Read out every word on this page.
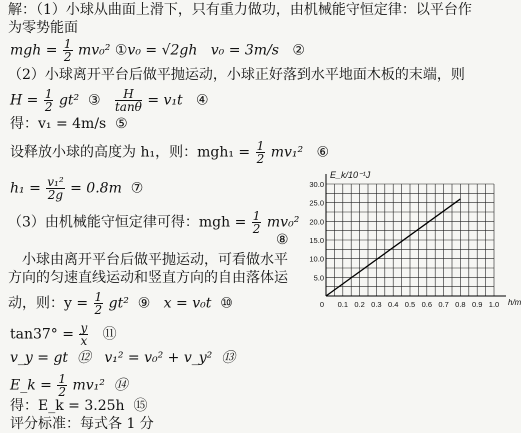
解：（1）小球从曲面上滑下，只有重力做功，由机械能守恒定律：以平台作
为零势能面
mgh = $\frac{1}{2} mv_0^2$ ①v₀ = √2gh v₀ = 3m/s ②
（2）小球离开平台后做平抛运动，小球正好落到水平地面木板的末端，则
$H = \frac{1}{2} gt^2$ ③ $\frac{H}{\tan\theta} = v_1t$ ④
得：v₁ = 4m/s ⑤
设释放小球的高度为 h₁，则：$mgh_1 = \frac{1}{2} mv_1^2$ ⑥
$h_1 = \frac{\text{v₁²}}{2g} = 0.8m$ ⑦
（3）由机械能守恒定律可得：mgh = $\frac{1}{2} mv_0^2$
⑧
小球由离开平台后做平抛运动，可看做水平
方向的匀速直线运动和竖直方向的自由落体运
动，则：$y = \frac{1}{2} gt^2$ ⑨ x = v₀t ⑩
$\tan 37^\circ = \frac{y}{x}$ ⑪
v_y = gt ⑫ v₁² = v₀² + v_y² ⑬
E_k = $\frac{1}{2} mv_1^2$ ⑭
得：E_k = 3.25h ⑮
评分标准：每式各 1 分
5.0
10.0
15.0
20.0
25.0
30.0
0.1 0.2 0.3 0.4 0.5 0.6 0.7 0.8 0.9 1.0
0
E_k/10⁻¹J
h/m
